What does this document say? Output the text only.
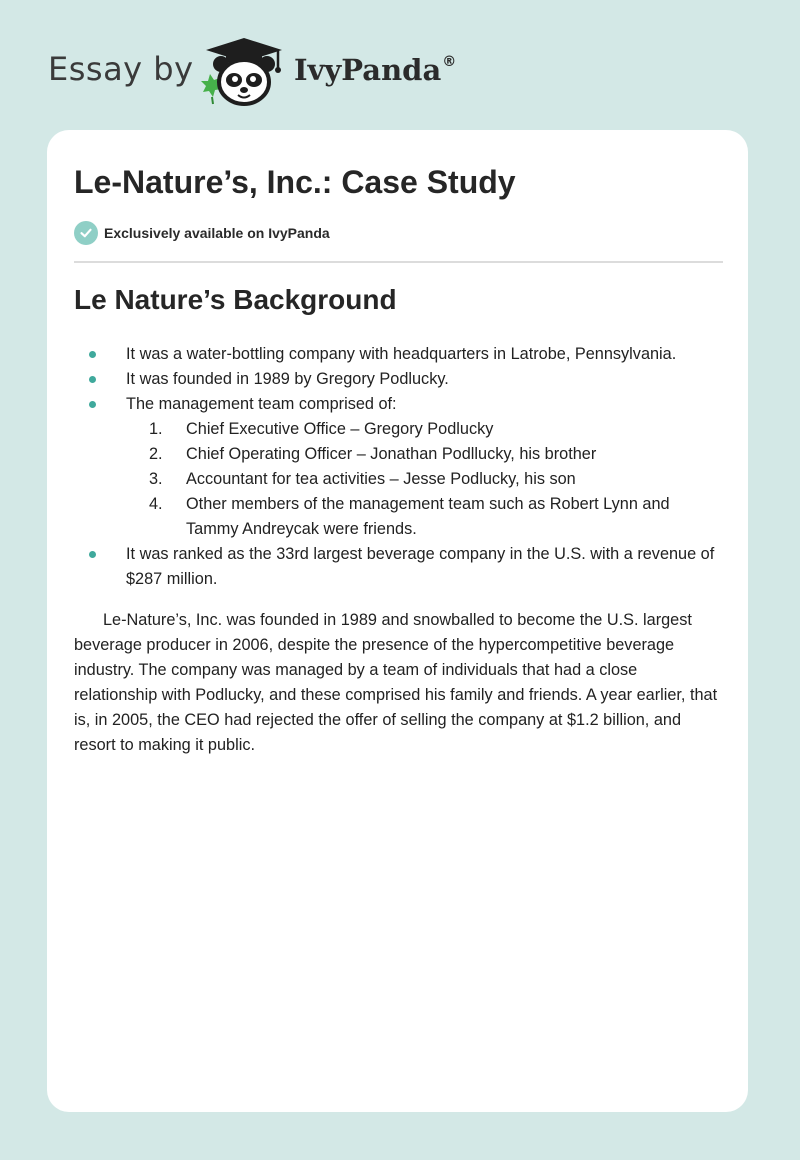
Essay by	IvyPanda®
Le-Nature’s, Inc.: Case Study
Exclusively available on IvyPanda
Le Nature’s Background
It was a water-bottling company with headquarters in Latrobe, Pennsylvania.
It was founded in 1989 by Gregory Podlucky.
The management team comprised of:
1. Chief Executive Office – Gregory Podlucky
2. Chief Operating Officer – Jonathan Podllucky, his brother
3. Accountant for tea activities – Jesse Podlucky, his son
4. Other members of the management team such as Robert Lynn and Tammy Andreycak were friends.
It was ranked as the 33rd largest beverage company in the U.S. with a revenue of $287 million.

Le-Nature’s, Inc. was founded in 1989 and snowballed to become the U.S. largest beverage producer in 2006, despite the presence of the hypercompetitive beverage industry. The company was managed by a team of individuals that had a close relationship with Podlucky, and these comprised his family and friends. A year earlier, that is, in 2005, the CEO had rejected the offer of selling the company at $1.2 billion, and resort to making it public.
